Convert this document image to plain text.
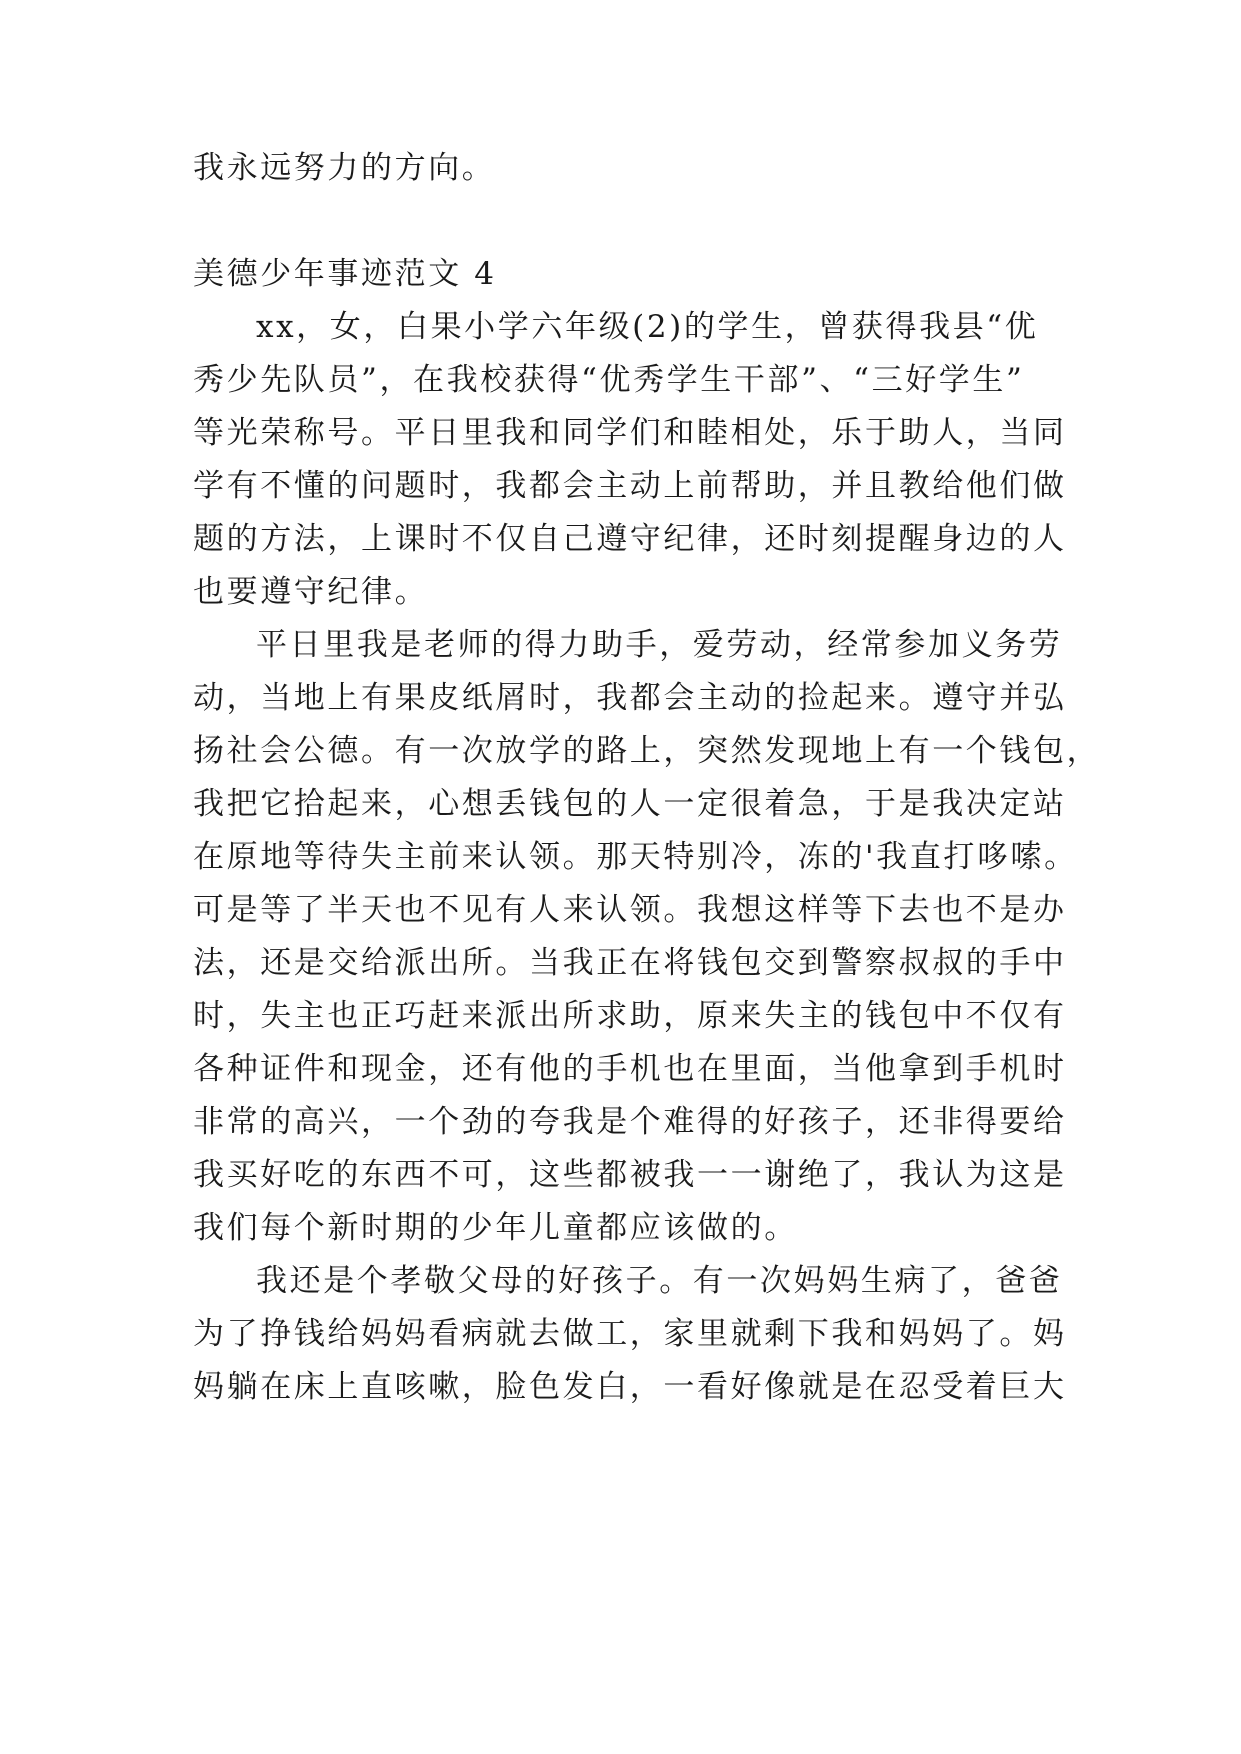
我永远努力的方向。
美德少年事迹范文 4
xx，女，白果小学六年级(2)的学生，曾获得我县“优
秀少先队员”，在我校获得“优秀学生干部”、“三好学生”
等光荣称号。平日里我和同学们和睦相处，乐于助人，当同
学有不懂的问题时，我都会主动上前帮助，并且教给他们做
题的方法，上课时不仅自己遵守纪律，还时刻提醒身边的人
也要遵守纪律。
平日里我是老师的得力助手，爱劳动，经常参加义务劳
动，当地上有果皮纸屑时，我都会主动的捡起来。遵守并弘
扬社会公德。有一次放学的路上，突然发现地上有一个钱包，
我把它拾起来，心想丢钱包的人一定很着急，于是我决定站
在原地等待失主前来认领。那天特别冷，冻的'我直打哆嗦。
可是等了半天也不见有人来认领。我想这样等下去也不是办
法，还是交给派出所。当我正在将钱包交到警察叔叔的手中
时，失主也正巧赶来派出所求助，原来失主的钱包中不仅有
各种证件和现金，还有他的手机也在里面，当他拿到手机时
非常的高兴，一个劲的夸我是个难得的好孩子，还非得要给
我买好吃的东西不可，这些都被我一一谢绝了，我认为这是
我们每个新时期的少年儿童都应该做的。
我还是个孝敬父母的好孩子。有一次妈妈生病了，爸爸
为了挣钱给妈妈看病就去做工，家里就剩下我和妈妈了。妈
妈躺在床上直咳嗽，脸色发白，一看好像就是在忍受着巨大
